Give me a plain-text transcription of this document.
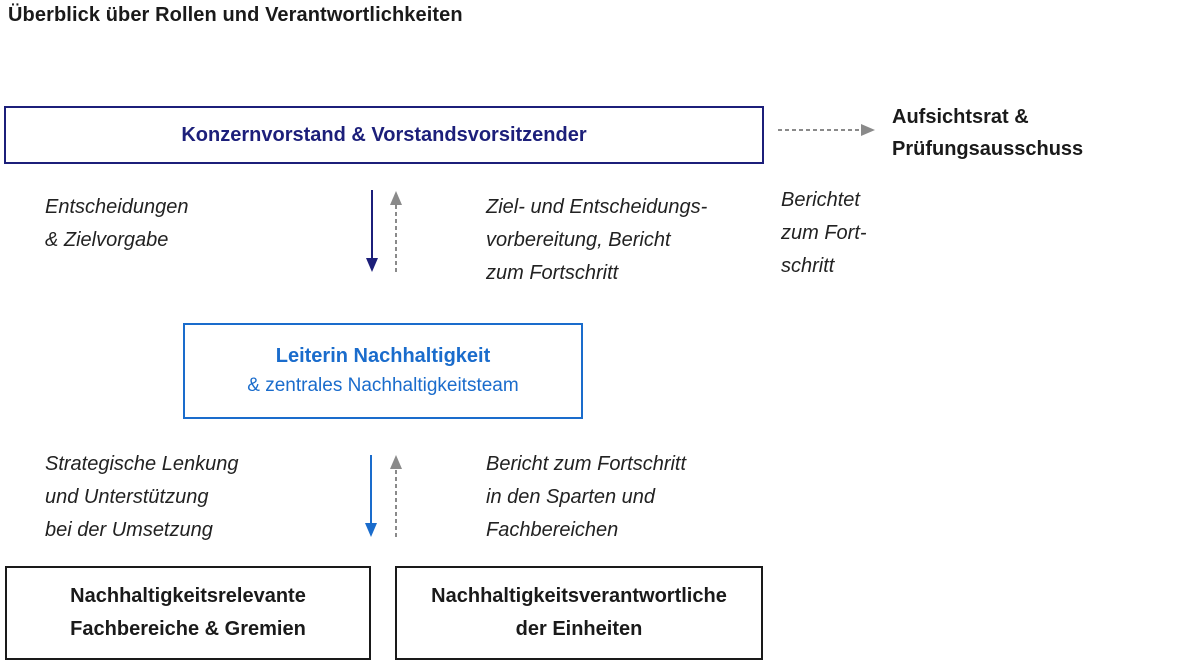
Überblick über Rollen und Verantwortlichkeiten
Konzernvorstand & Vorstandsvorsitzender
Aufsichtsrat &
Prüfungsausschuss
Entscheidungen
& Zielvorgabe
Ziel- und Entscheidungs-
vorbereitung, Bericht
zum Fortschritt
Berichtet
zum Fort-
schritt
Leiterin Nachhaltigkeit
& zentrales Nachhaltigkeitsteam
Strategische Lenkung
und Unterstützung
bei der Umsetzung
Bericht zum Fortschritt
in den Sparten und
Fachbereichen
Nachhaltigkeitsrelevante
Fachbereiche & Gremien
Nachhaltigkeitsverantwortliche
der Einheiten
